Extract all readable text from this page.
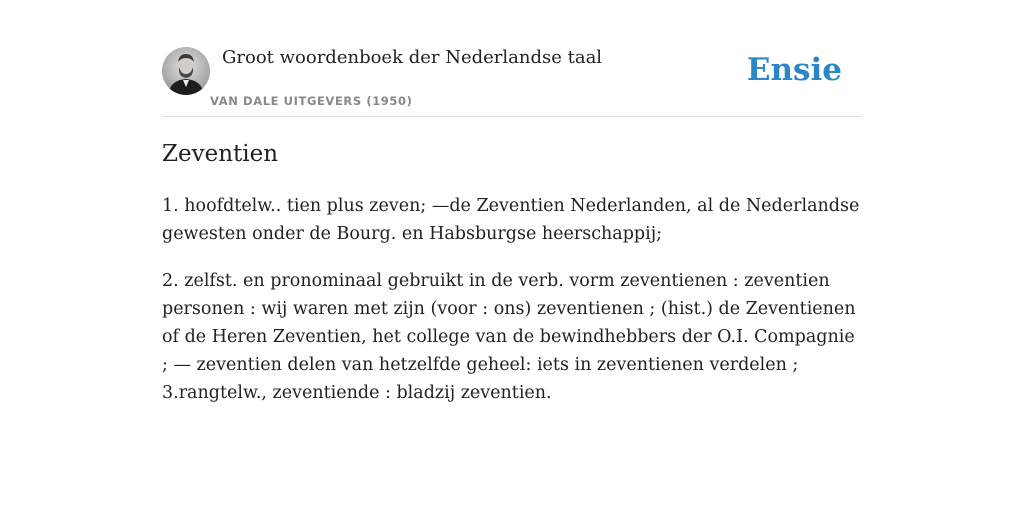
Groot woordenboek der Nederlandse taal
VAN DALE UITGEVERS (1950)
Ensie
Zeventien

1. hoofdtelw.. tien plus zeven; —de Zeventien Nederlanden, al de Nederlandse gewesten onder de Bourg. en Habsburgse heerschappij;

2. zelfst. en pronominaal gebruikt in de verb. vorm zeventienen : zeventien personen : wij waren met zijn (voor : ons) zeventienen ; (hist.) de Zeventienen of de Heren Zeventien, het college van de bewindhebbers der O.I. Compagnie ; — zeventien delen van hetzelfde geheel: iets in zeventienen verdelen ; 3.rangtelw., zeventiende : bladzij zeventien.
